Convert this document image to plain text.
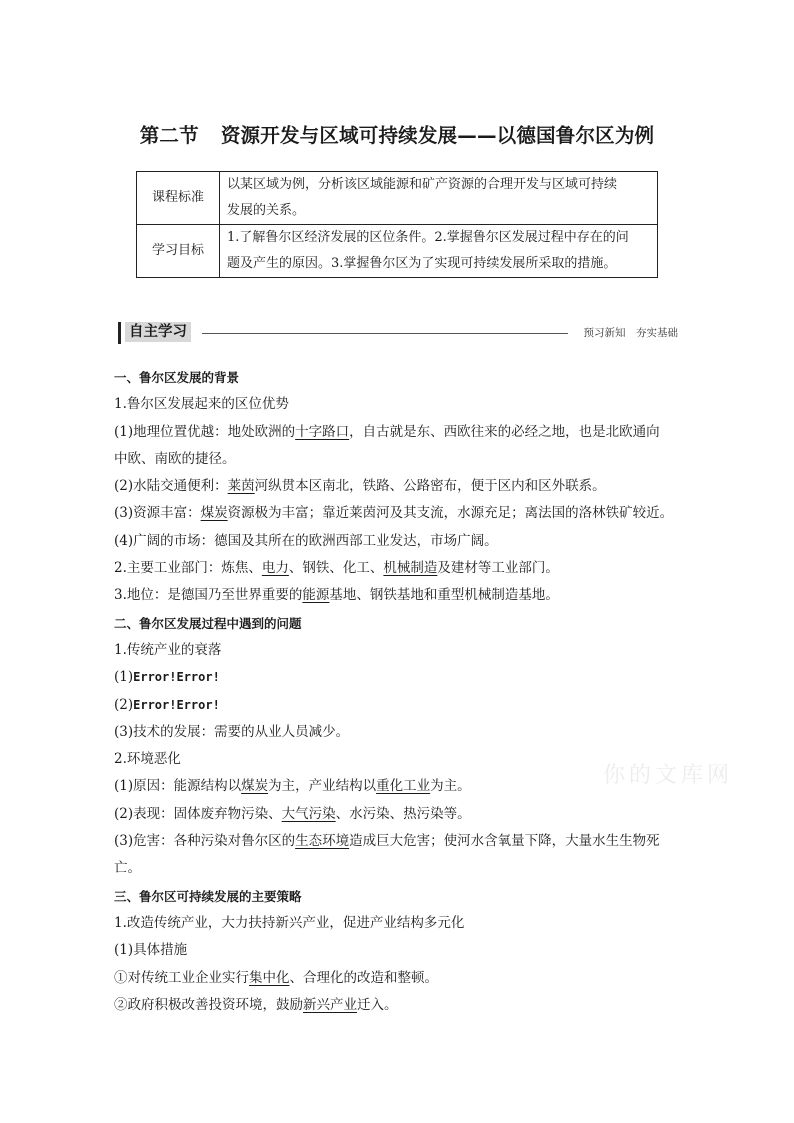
第二节 资源开发与区域可持续发展——以德国鲁尔区为例
课程标准	以某区域为例，分析该区域能源和矿产资源的合理开发与区域可持续
发展的关系。

学习目标	1.了解鲁尔区经济发展的区位条件。2.掌握鲁尔区发展过程中存在的问
题及产生的原因。3.掌握鲁尔区为了实现可持续发展所采取的措施。
自主学习	预习新知　夯实基础
一、鲁尔区发展的背景
1.鲁尔区发展起来的区位优势
(1)地理位置优越：地处欧洲的十字路口，自古就是东、西欧往来的必经之地，也是北欧通向
中欧、南欧的捷径。
(2)水陆交通便利：莱茵河纵贯本区南北，铁路、公路密布，便于区内和区外联系。
(3)资源丰富：煤炭资源极为丰富；靠近莱茵河及其支流，水源充足；离法国的洛林铁矿较近。
(4)广阔的市场：德国及其所在的欧洲西部工业发达，市场广阔。
2.主要工业部门：炼焦、电力、钢铁、化工、机械制造及建材等工业部门。
3.地位：是德国乃至世界重要的能源基地、钢铁基地和重型机械制造基地。
二、鲁尔区发展过程中遇到的问题
1.传统产业的衰落
(1)Error!Error!
(2)Error!Error!
(3)技术的发展：需要的从业人员减少。
2.环境恶化
(1)原因：能源结构以煤炭为主，产业结构以重化工业为主。
(2)表现：固体废弃物污染、大气污染、水污染、热污染等。
(3)危害：各种污染对鲁尔区的生态环境造成巨大危害；使河水含氧量下降，大量水生生物死
亡。
三、鲁尔区可持续发展的主要策略
1.改造传统产业，大力扶持新兴产业，促进产业结构多元化
(1)具体措施
①对传统工业企业实行集中化、合理化的改造和整顿。
②政府积极改善投资环境，鼓励新兴产业迁入。
你的文库网
